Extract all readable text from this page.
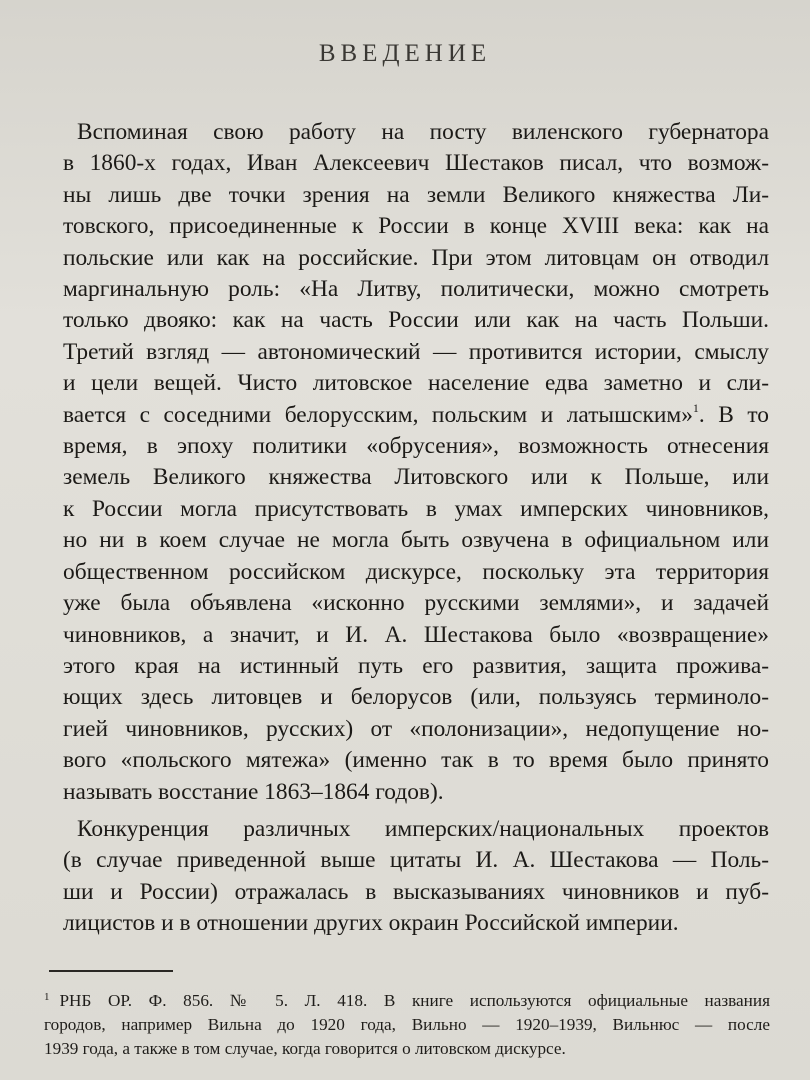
ВВЕДЕНИЕ
Вспоминая свою работу на посту виленского губернатора
в 1860-х годах, Иван Алексеевич Шестаков писал, что возмож-
ны лишь две точки зрения на земли Великого княжества Ли-
товского, присоединенные к России в конце XVIII века: как на
польские или как на российские. При этом литовцам он отводил
маргинальную роль: «На Литву, политически, можно смотреть
только двояко: как на часть России или как на часть Польши.
Третий взгляд — автономический — противится истории, смыслу
и цели вещей. Чисто литовское население едва заметно и сли-
вается с соседними белорусским, польским и латышским»$^1$. В то
время, в эпоху политики «обрусения», возможность отнесения
земель Великого княжества Литовского или к Польше, или
к России могла присутствовать в умах имперских чиновников,
но ни в коем случае не могла быть озвучена в официальном или
общественном российском дискурсе, поскольку эта территория
уже была объявлена «исконно русскими землями», и задачей
чиновников, а значит, и И. А. Шестакова было «возвращение»
этого края на истинный путь его развития, защита прожива-
ющих здесь литовцев и белорусов (или, пользуясь терминоло-
гией чиновников, русских) от «полонизации», недопущение но-
вого «польского мятежа» (именно так в то время было принято
называть восстание 1863–1864 годов).
Конкуренция различных имперских/национальных проектов
(в случае приведенной выше цитаты И. А. Шестакова — Поль-
ши и России) отражалась в высказываниях чиновников и пуб-
лицистов и в отношении других окраин Российской империи.
$^1$ РНБ ОР. Ф. 856. № 5. Л. 418. В книге используются официальные названия
городов, например Вильна до 1920 года, Вильно — 1920–1939, Вильнюс — после
1939 года, а также в том случае, когда говорится о литовском дискурсе.
